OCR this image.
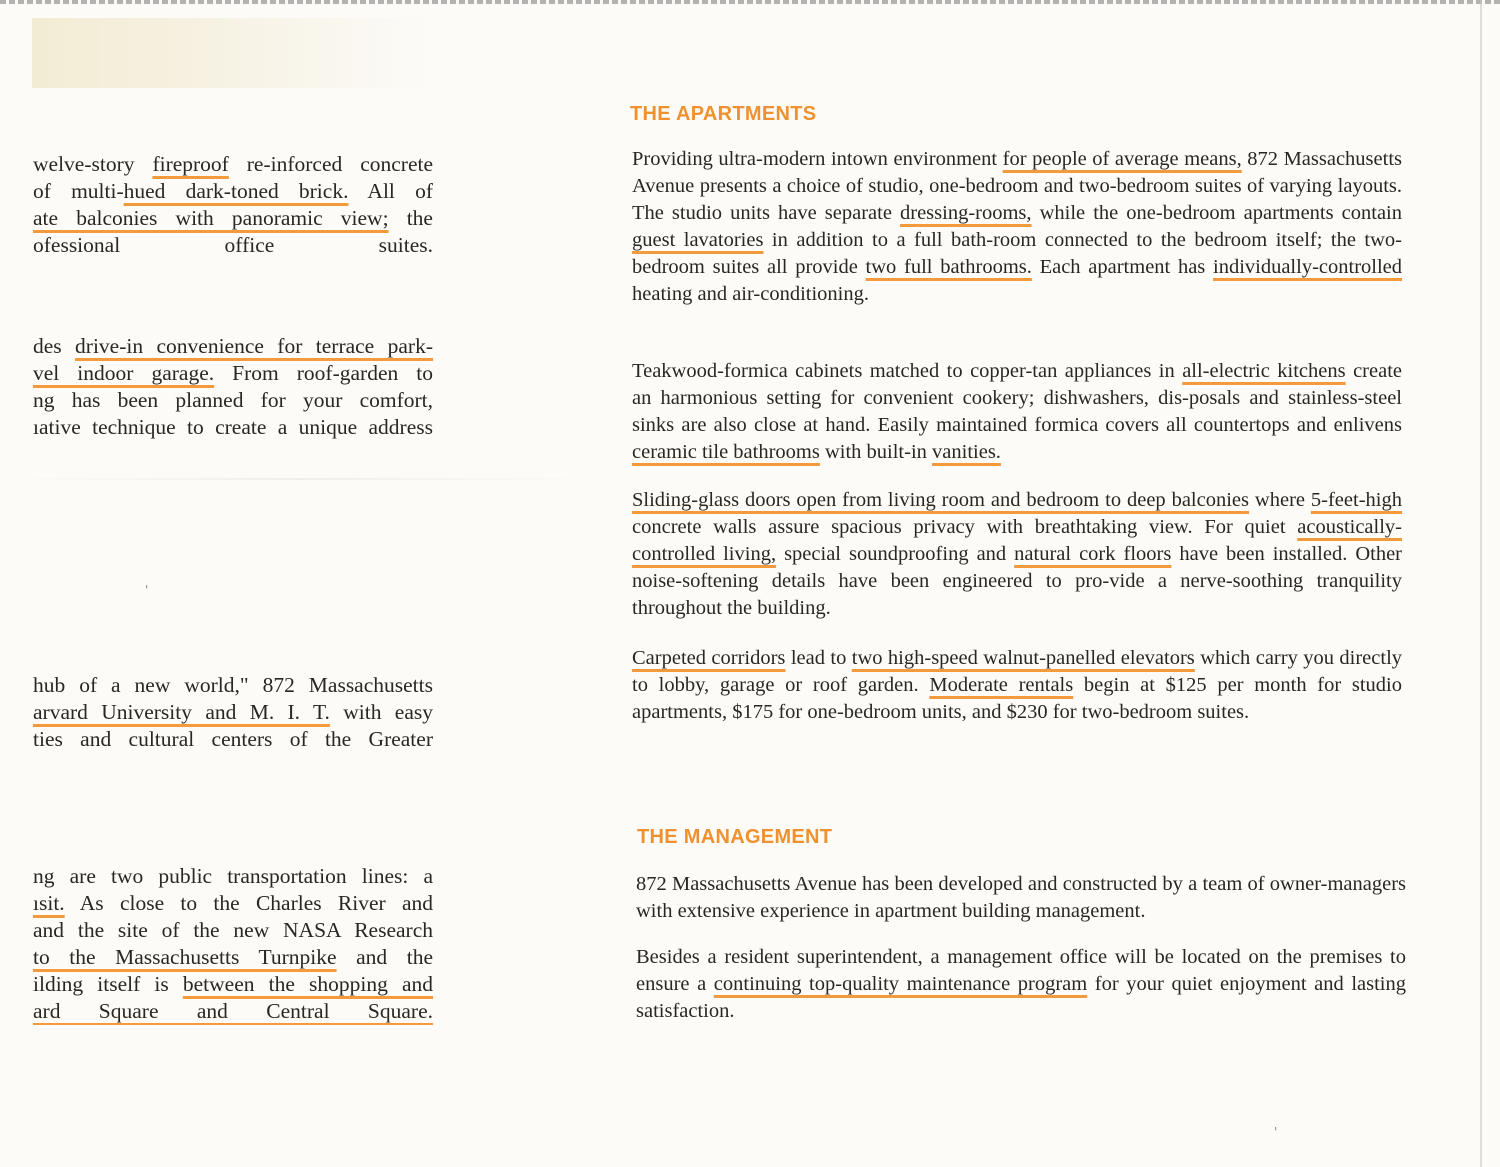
welve-story fireproof re-inforced concrete
of multi-hued dark-toned brick. All of
ate balconies with panoramic view; the
ofessional office suites.
des drive-in convenience for terrace park-
vel indoor garage. From roof-garden to
ng has been planned for your comfort,
ıative technique to create a unique address
hub of a new world," 872 Massachusetts
arvard University and M. I. T. with easy
ties and cultural centers of the Greater
ng are two public transportation lines: a
ısit. As close to the Charles River and
and the site of the new NASA Research
to the Massachusetts Turnpike and the
ilding itself is between the shopping and
ard Square and Central Square.
THE APARTMENTS

Providing ultra-modern intown environment for people of average means, 872 Massachusetts Avenue presents a choice of studio, one-bedroom and two-bedroom suites of varying layouts. The studio units have separate dressing-rooms, while the one-bedroom apartments contain guest lavatories in addition to a full bath-room connected to the bedroom itself; the two-bedroom suites all provide two full bathrooms. Each apartment has individually-controlled heating and air-conditioning.

Teakwood-formica cabinets matched to copper-tan appliances in all-electric kitchens create an harmonious setting for convenient cookery; dishwashers, dis-posals and stainless-steel sinks are also close at hand. Easily maintained formica covers all countertops and enlivens ceramic tile bathrooms with built-in vanities.

Sliding-glass doors open from living room and bedroom to deep balconies where 5-feet-high concrete walls assure spacious privacy with breathtaking view. For quiet acoustically-controlled living, special soundproofing and natural cork floors have been installed. Other noise-softening details have been engineered to pro-vide a nerve-soothing tranquility throughout the building.

Carpeted corridors lead to two high-speed walnut-panelled elevators which carry you directly to lobby, garage or roof garden. Moderate rentals begin at $125 per month for studio apartments, $175 for one-bedroom units, and $230 for two-bedroom suites.

THE MANAGEMENT

872 Massachusetts Avenue has been developed and constructed by a team of owner-managers with extensive experience in apartment building management.

Besides a resident superintendent, a management office will be located on the premises to ensure a continuing top-quality maintenance program for your quiet enjoyment and lasting satisfaction.

'
'
